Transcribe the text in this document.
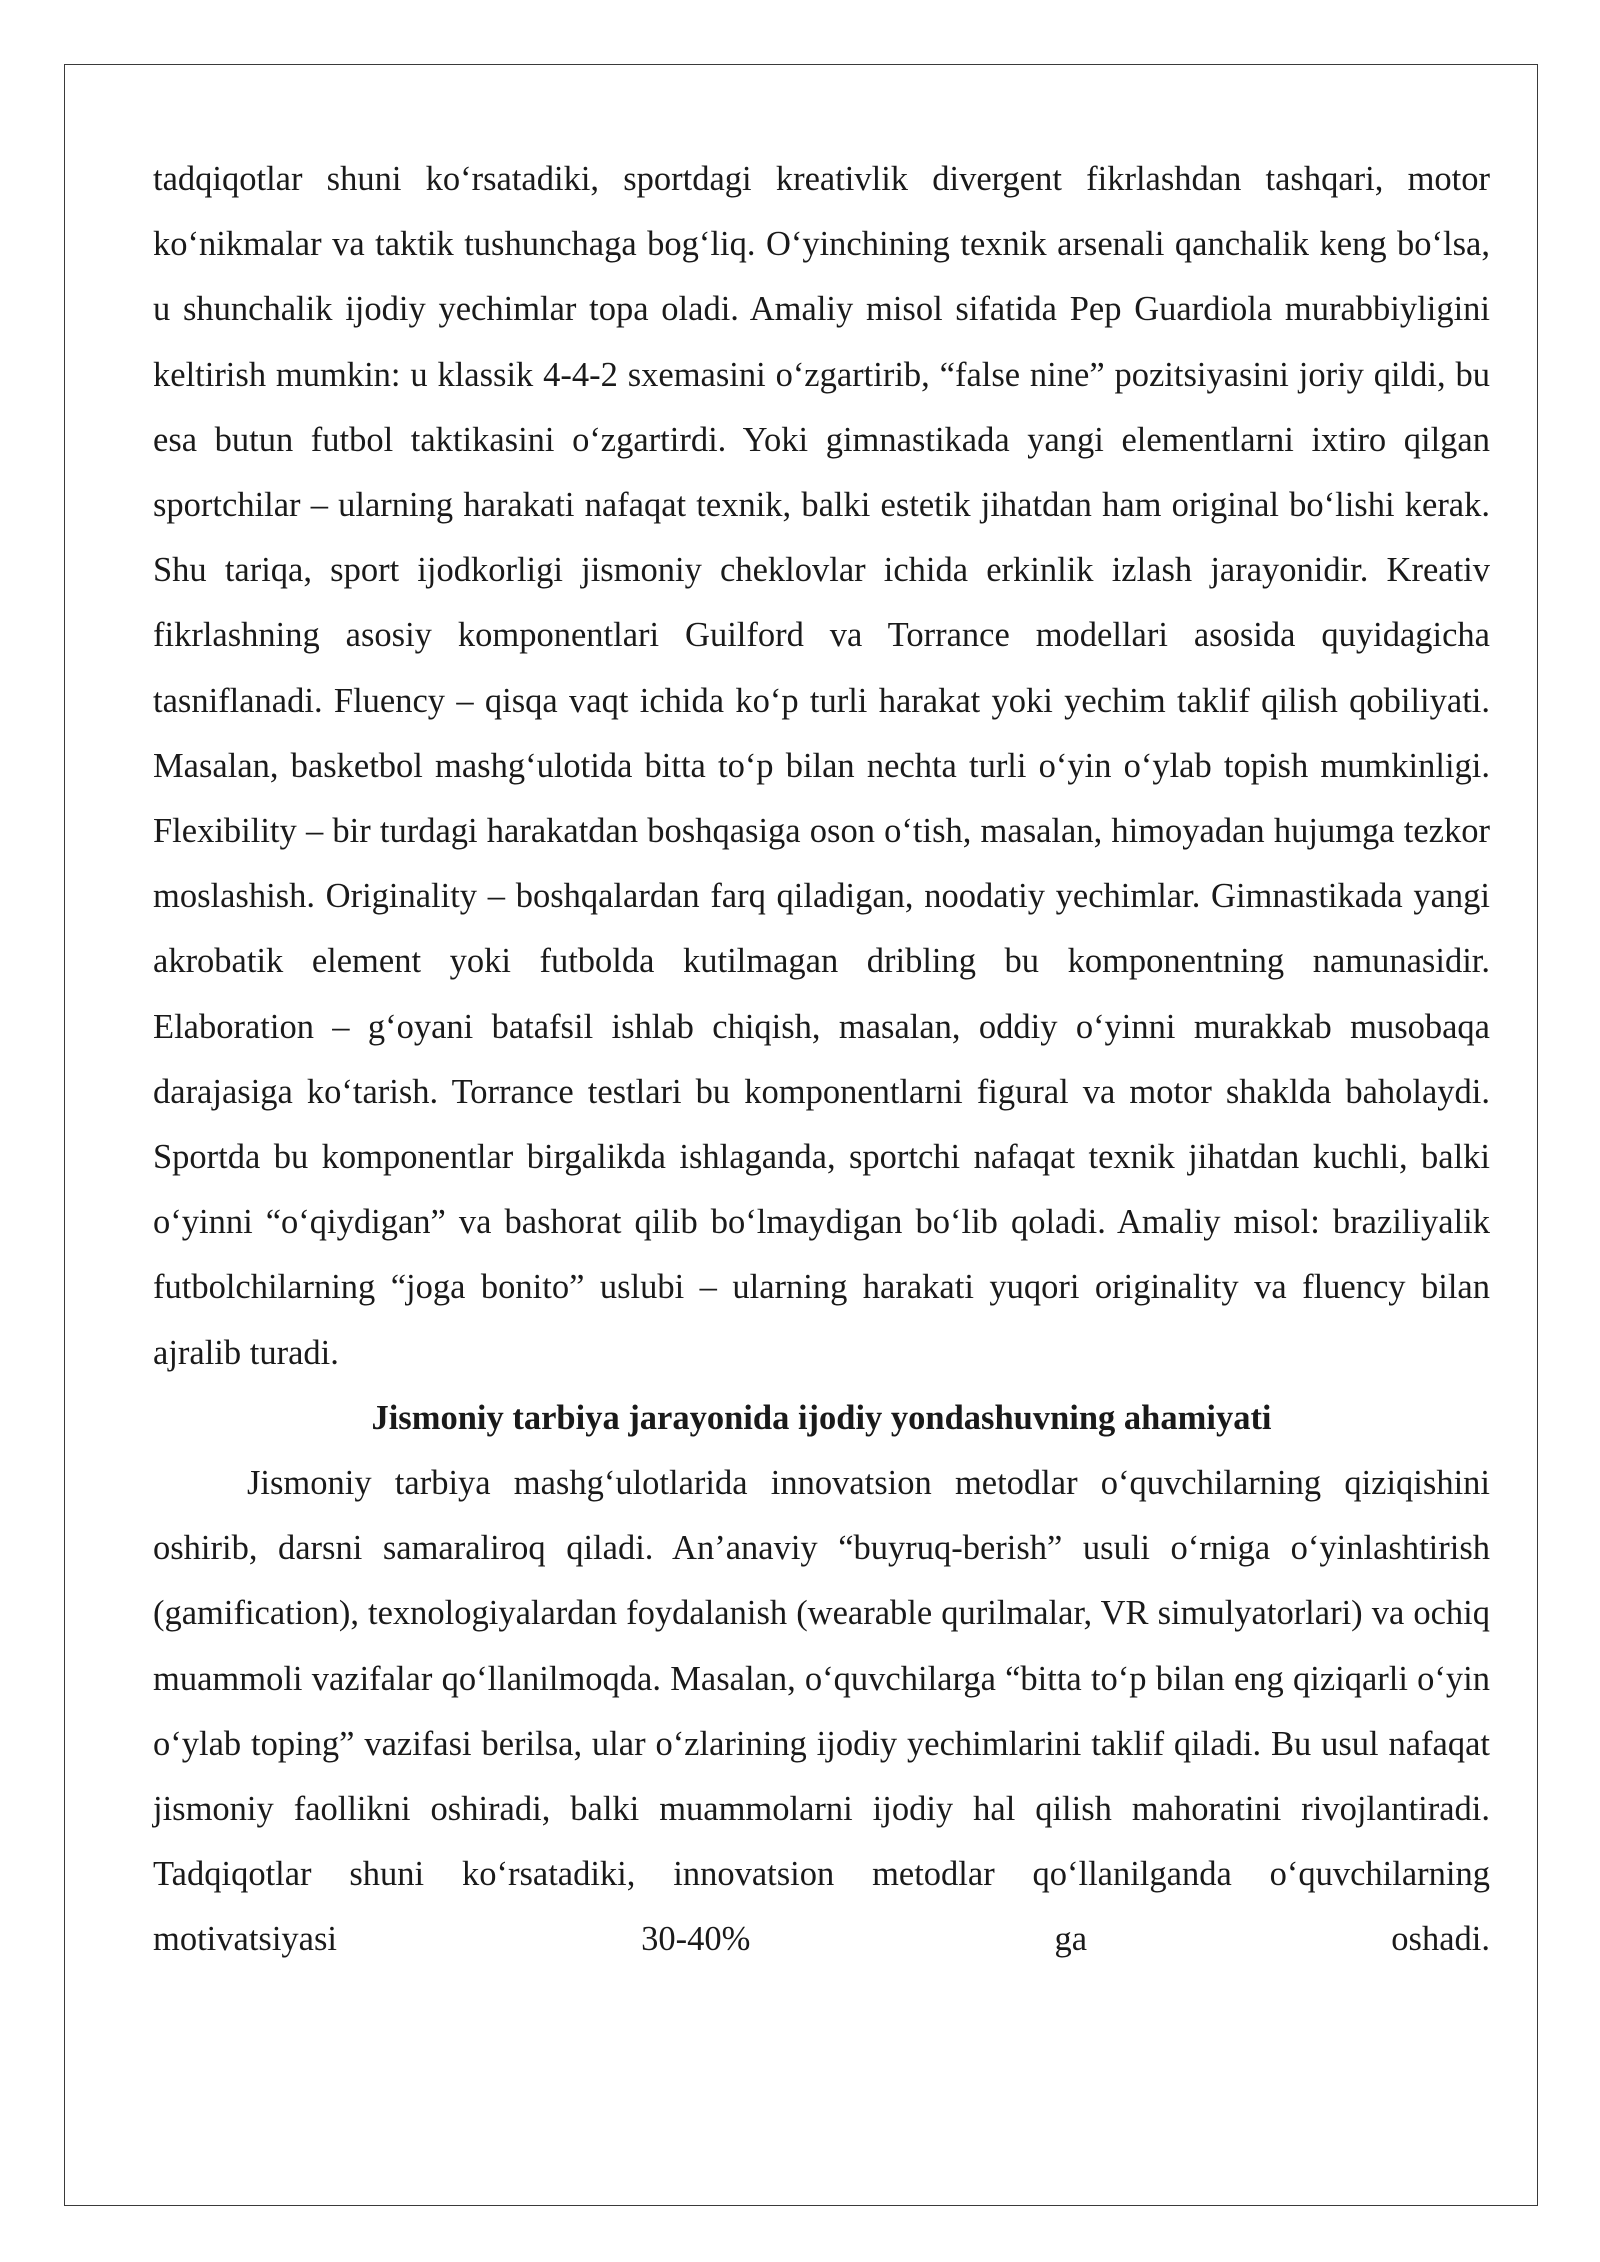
tadqiqotlar shuni ko‘rsatadiki, sportdagi kreativlik divergent fikrlashdan tashqari, motor ko‘nikmalar va taktik tushunchaga bog‘liq. O‘yinchining texnik arsenali qanchalik keng bo‘lsa, u shunchalik ijodiy yechimlar topa oladi. Amaliy misol sifatida Pep Guardiola murabbiyligini keltirish mumkin: u klassik 4-4-2 sxemasini o‘zgartirib, “false nine” pozitsiyasini joriy qildi, bu esa butun futbol taktikasini o‘zgartirdi. Yoki gimnastikada yangi elementlarni ixtiro qilgan sportchilar – ularning harakati nafaqat texnik, balki estetik jihatdan ham original bo‘lishi kerak. Shu tariqa, sport ijodkorligi jismoniy cheklovlar ichida erkinlik izlash jarayonidir. Kreativ fikrlashning asosiy komponentlari Guilford va Torrance modellari asosida quyidagicha tasniflanadi. Fluency – qisqa vaqt ichida ko‘p turli harakat yoki yechim taklif qilish qobiliyati. Masalan, basketbol mashg‘ulotida bitta to‘p bilan nechta turli o‘yin o‘ylab topish mumkinligi. Flexibility – bir turdagi harakatdan boshqasiga oson o‘tish, masalan, himoyadan hujumga tezkor moslashish. Originality – boshqalardan farq qiladigan, noodatiy yechimlar. Gimnastikada yangi akrobatik element yoki futbolda kutilmagan dribling bu komponentning namunasidir. Elaboration – g‘oyani batafsil ishlab chiqish, masalan, oddiy o‘yinni murakkab musobaqa darajasiga ko‘tarish. Torrance testlari bu komponentlarni figural va motor shaklda baholaydi. Sportda bu komponentlar birgalikda ishlaganda, sportchi nafaqat texnik jihatdan kuchli, balki o‘yinni “o‘qiydigan” va bashorat qilib bo‘lmaydigan bo‘lib qoladi. Amaliy misol: braziliyalik futbolchilarning “joga bonito” uslubi – ularning harakati yuqori originality va fluency bilan ajralib turadi.

Jismoniy tarbiya jarayonida ijodiy yondashuvning ahamiyati

Jismoniy tarbiya mashg‘ulotlarida innovatsion metodlar o‘quvchilarning qiziqishini oshirib, darsni samaraliroq qiladi. An’anaviy “buyruq-berish” usuli o‘rniga o‘yinlashtirish (gamification), texnologiyalardan foydalanish (wearable qurilmalar, VR simulyatorlari) va ochiq muammoli vazifalar qo‘llanilmoqda. Masalan, o‘quvchilarga “bitta to‘p bilan eng qiziqarli o‘yin o‘ylab toping” vazifasi berilsa, ular o‘zlarining ijodiy yechimlarini taklif qiladi. Bu usul nafaqat jismoniy faollikni oshiradi, balki muammolarni ijodiy hal qilish mahoratini rivojlantiradi. Tadqiqotlar shuni ko‘rsatadiki, innovatsion metodlar qo‘llanilganda o‘quvchilarning motivatsiyasi 30-40% ga oshadi.
